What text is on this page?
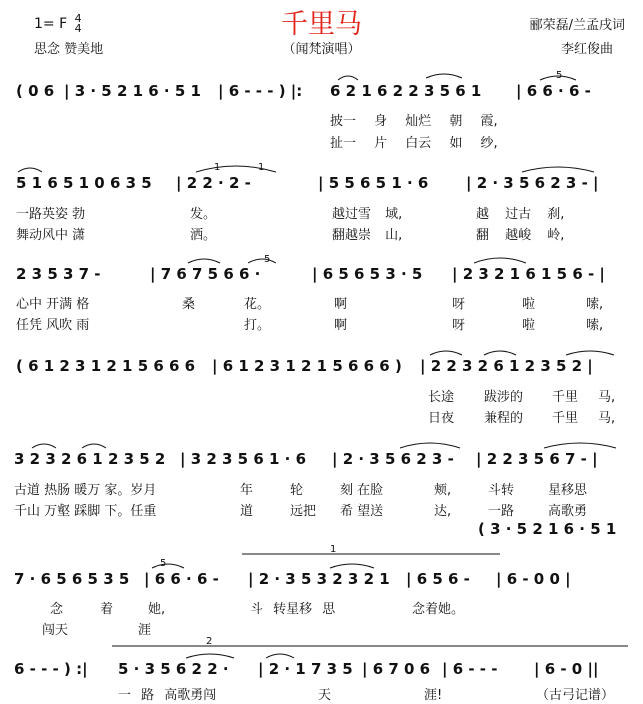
1= F 4
4
思念 赞美地
千里马
（闻梵演唱）
郦荣磊/兰孟戌词
李红俊曲
( 0 6 | 3 · 5 2 1 6 · 5 1 | 6 - - - ) |: 6 2 1 6 2 2 3 5 6 1 | 6 6 · 6 -
披一 身 灿烂 朝 霞,
扯一 片 白云 如 纱,
5 1 6 5 1 0 6 3 5 | 2 2 · 2 -	| 5 5 6 5 1 · 6 | 2 · 3 5 6 2 3 - |
一路英姿 勃	发。	越过雪 域,	越 过古 刹,
舞动风中 潇	洒。	翻越崇 山,	翻 越峻 岭,
2 3 5 3 7 -	| 7 6 7 5 6 6 ·	| 6 5 6 5 3 · 5 | 2 3 2 1 6 1 5 6 - |
心中 开满 格	桑	花。	啊	呀	啦	嗦,
任凭 风吹 雨	打。	啊	呀	啦	嗦,
( 6 1 2 3 1 2 1 5 6 6 6 | 6 1 2 3 1 2 1 5 6 6 6 ) | 2 2 3 2 6 1 2 3 5 2 |
长途 跋涉的 千里 马,
日夜 兼程的 千里 马,
3 2 3 2 6 1 2 3 5 2 | 3 2 3 5 6 1 · 6 | 2 · 3 5 6 2 3 - | 2 2 3 5 6 7 - |
古道 热肠 暖万 家。岁月	年	轮	刻 在脸	颊,	斗转	星移思
千山 万壑 踩脚 下。任重	道	远把 希 望送	达,	一路	高歌勇
( 3 · 5 2 1 6 · 5 1
7 · 6 5 6 5 3 5 | 6 6 · 6 - | 2 · 3 5 3 2 3 2 1 | 6 5 6 - | 6 - 0 0 |
念	着	她,	斗 转星移 思	念着她。
闯天	涯
6 - - - ) :| 5 · 3 5 6 2 2 · | 2 · 1 7 3 5 | 6 7 0 6 | 6 - - - | 6 - 0 ||
一 路 高歌勇闯	天	涯!	（古弓记谱）
1
2
5
1	1
5
5
